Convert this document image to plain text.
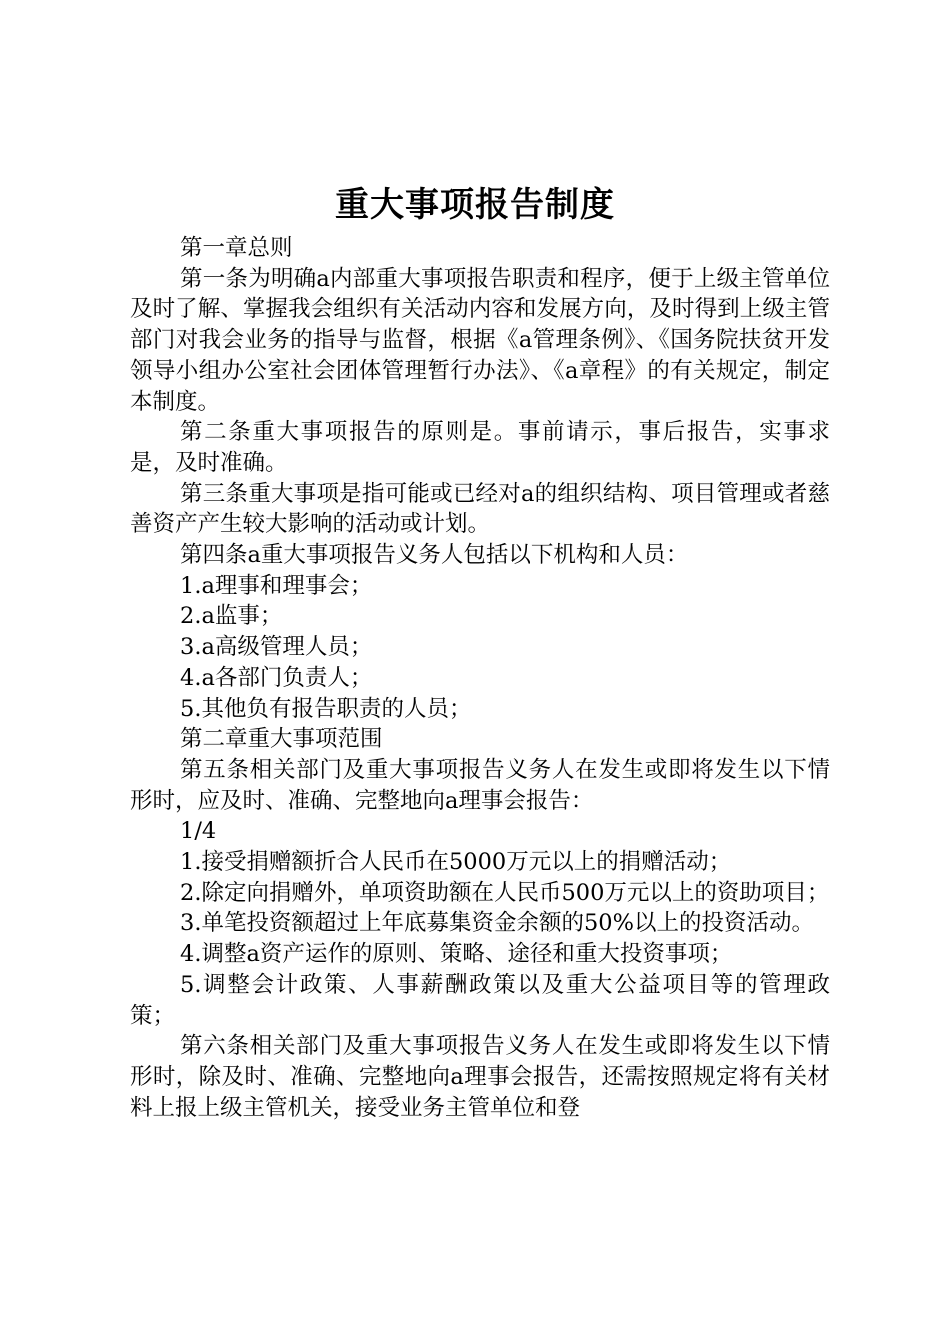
重大事项报告制度

第一章总则

第一条为明确a内部重大事项报告职责和程序，便于上级主管单位及时了解、掌握我会组织有关活动内容和发展方向，及时得到上级主管部门对我会业务的指导与监督，根据《a管理条例》、《国务院扶贫开发领导小组办公室社会团体管理暂行办法》、《a章程》的有关规定，制定本制度。

第二条重大事项报告的原则是。事前请示，事后报告，实事求是，及时准确。

第三条重大事项是指可能或已经对a的组织结构、项目管理或者慈善资产产生较大影响的活动或计划。

第四条a重大事项报告义务人包括以下机构和人员：

1.a理事和理事会；

2.a监事；

3.a高级管理人员；

4.a各部门负责人；

5.其他负有报告职责的人员；

第二章重大事项范围

第五条相关部门及重大事项报告义务人在发生或即将发生以下情形时，应及时、准确、完整地向a理事会报告：

1/4

1.接受捐赠额折合人民币在5000万元以上的捐赠活动；

2.除定向捐赠外，单项资助额在人民币500万元以上的资助项目；

3.单笔投资额超过上年底募集资金余额的50%以上的投资活动。

4.调整a资产运作的原则、策略、途径和重大投资事项；

5.调整会计政策、人事薪酬政策以及重大公益项目等的管理政策；

第六条相关部门及重大事项报告义务人在发生或即将发生以下情形时，除及时、准确、完整地向a理事会报告，还需按照规定将有关材料上报上级主管机关，接受业务主管单位和登
